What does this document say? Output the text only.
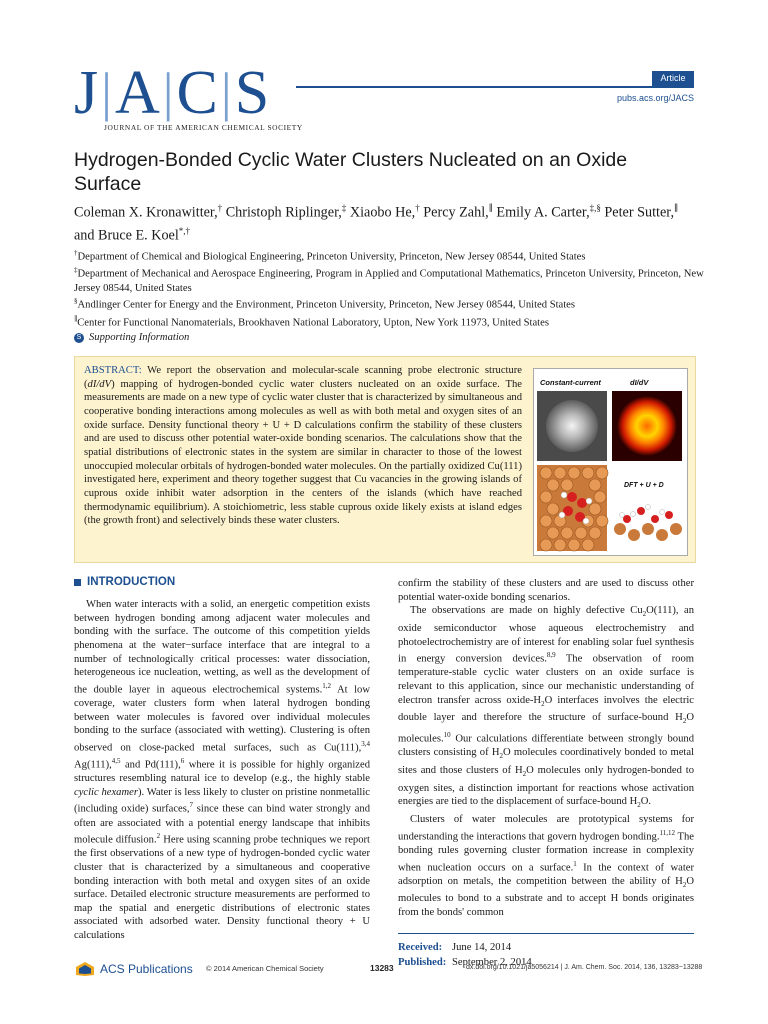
J|A|C|S
JOURNAL OF THE AMERICAN CHEMICAL SOCIETY
Article
pubs.acs.org/JACS
Hydrogen-Bonded Cyclic Water Clusters Nucleated on an Oxide Surface
Coleman X. Kronawitter,† Christoph Riplinger,‡ Xiaobo He,† Percy Zahl,∥ Emily A. Carter,‡,§ Peter Sutter,∥ and Bruce E. Koel*,†
†Department of Chemical and Biological Engineering, Princeton University, Princeton, New Jersey 08544, United States
‡Department of Mechanical and Aerospace Engineering, Program in Applied and Computational Mathematics, Princeton University, Princeton, New Jersey 08544, United States
§Andlinger Center for Energy and the Environment, Princeton University, Princeton, New Jersey 08544, United States
∥Center for Functional Nanomaterials, Brookhaven National Laboratory, Upton, New York 11973, United States
S Supporting Information
ABSTRACT: We report the observation and molecular-scale scanning probe electronic structure (dI/dV) mapping of hydrogen-bonded cyclic water clusters nucleated on an oxide surface. The measurements are made on a new type of cyclic water cluster that is characterized by simultaneous and cooperative bonding interactions among molecules as well as with both metal and oxygen sites of an oxide surface. Density functional theory + U + D calculations confirm the stability of these clusters and are used to discuss other potential water-oxide bonding scenarios. The calculations show that the spatial distributions of electronic states in the system are similar in character to those of the lowest unoccupied molecular orbitals of hydrogen-bonded water molecules. On the partially oxidized Cu(111) investigated here, experiment and theory together suggest that Cu vacancies in the growing islands of cuprous oxide inhibit water adsorption in the centers of the islands (which have reached thermodynamic equilibrium). A stoichiometric, less stable cuprous oxide likely exists at island edges (the growth front) and selectively binds these water clusters.
Constant-current	dI/dV
DFT + U + D
INTRODUCTION

When water interacts with a solid, an energetic competition exists between hydrogen bonding among adjacent water molecules and bonding with the surface. The outcome of this competition yields phenomena at the water−surface interface that are integral to a number of technologically critical processes: water dissociation, heterogeneous ice nucleation, wetting, as well as the development of the double layer in aqueous electrochemical systems.$^{1,2}$ At low coverage, water clusters form when lateral hydrogen bonding between water molecules is favored over individual molecules bonding to the surface (associated with wetting). Clustering is often observed on close-packed metal surfaces, such as Cu(111),$^{3,4}$ Ag(111),$^{4,5}$ and Pd(111),$^6$ where it is possible for highly organized structures resembling natural ice to develop (e.g., the highly stable cyclic hexamer). Water is less likely to cluster on pristine nonmetallic (including oxide) surfaces,$^7$ since these can bind water strongly and often are associated with a potential energy landscape that inhibits molecule diffusion.$^2$ Here using scanning probe techniques we report the first observations of a new type of hydrogen-bonded cyclic water cluster that is characterized by a simultaneous and cooperative bonding interaction with both metal and oxygen sites of an oxide surface. Detailed electronic structure measurements are performed to map the spatial and energetic distributions of electronic states associated with adsorbed water. Density functional theory + U calculations

confirm the stability of these clusters and are used to discuss other potential water-oxide bonding scenarios.

The observations are made on highly defective $Cu_2O(111)$, an oxide semiconductor whose aqueous electrochemistry and photoelectrochemistry are of interest for enabling solar fuel synthesis in energy conversion devices.$^{8,9}$ The observation of room temperature-stable cyclic water clusters on an oxide surface is relevant to this application, since our mechanistic understanding of electron transfer across oxide-$H_2O$ interfaces involves the electric double layer and therefore the structure of surface-bound $H_2O$ molecules.$^{10}$ Our calculations differentiate between strongly bound clusters consisting of $H_2O$ molecules coordinatively bonded to metal sites and those clusters of $H_2O$ molecules only hydrogen-bonded to oxygen sites, a distinction important for reactions whose activation energies are tied to the displacement of surface-bound $H_2O$.

Clusters of water molecules are prototypical systems for understanding the interactions that govern hydrogen bonding.$^{11,12}$ The bonding rules governing cluster formation increase in complexity when nucleation occurs on a surface.$^1$ In the context of water adsorption on metals, the competition between the ability of $H_2O$ molecules to bond to a substrate and to accept H bonds originates from the bonds' common

Received: June 14, 2014
Published: September 2, 2014
ACS Publications © 2014 American Chemical Society	13283	dx.doi.org/10.1021/ja5056214 | J. Am. Chem. Soc. 2014, 136, 13283−13288
